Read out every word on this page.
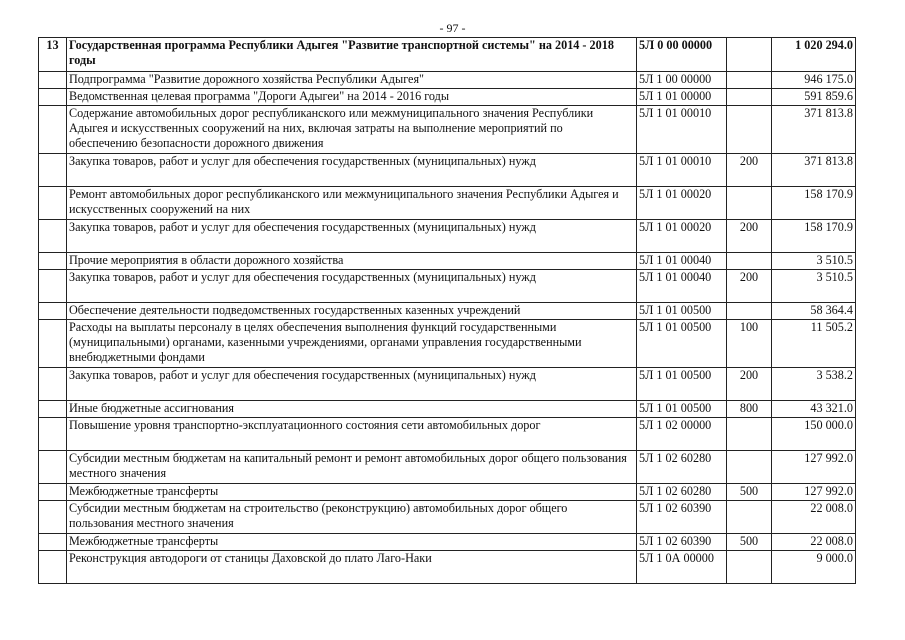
- 97 -
13	Государственная программа Республики Адыгея "Развитие транспортной системы" на 2014 - 2018 годы	5Л 0 00 00000		1 020 294.0
	Подпрограмма "Развитие дорожного хозяйства Республики Адыгея"	5Л 1 00 00000		946 175.0
	Ведомственная целевая программа "Дороги Адыгеи" на 2014 - 2016 годы	5Л 1 01 00000		591 859.6
	Содержание автомобильных дорог республиканского или межмуниципального значения Республики Адыгея и искусственных сооружений на них, включая затраты на выполнение мероприятий по обеспечению безопасности дорожного движения	5Л 1 01 00010		371 813.8
	Закупка товаров, работ и услуг для обеспечения государственных (муниципальных) нужд	5Л 1 01 00010	200	371 813.8
	Ремонт автомобильных дорог республиканского или межмуниципального значения Республики Адыгея и искусственных сооружений на них	5Л 1 01 00020		158 170.9
	Закупка товаров, работ и услуг для обеспечения государственных (муниципальных) нужд	5Л 1 01 00020	200	158 170.9
	Прочие мероприятия в области дорожного хозяйства	5Л 1 01 00040		3 510.5
	Закупка товаров, работ и услуг для обеспечения государственных (муниципальных) нужд	5Л 1 01 00040	200	3 510.5
	Обеспечение деятельности подведомственных государственных казенных учреждений	5Л 1 01 00500		58 364.4
	Расходы на выплаты персоналу в целях обеспечения выполнения функций государственными (муниципальными) органами, казенными учреждениями, органами управления государственными внебюджетными фондами	5Л 1 01 00500	100	11 505.2
	Закупка товаров, работ и услуг для обеспечения государственных (муниципальных) нужд	5Л 1 01 00500	200	3 538.2
	Иные бюджетные ассигнования	5Л 1 01 00500	800	43 321.0
	Повышение уровня транспортно-эксплуатационного состояния сети автомобильных дорог	5Л 1 02 00000		150 000.0
	Субсидии местным бюджетам на капитальный ремонт и ремонт автомобильных дорог общего пользования местного значения	5Л 1 02 60280		127 992.0
	Межбюджетные трансферты	5Л 1 02 60280	500	127 992.0
	Субсидии местным бюджетам на строительство (реконструкцию) автомобильных дорог общего пользования местного значения	5Л 1 02 60390		22 008.0
	Межбюджетные трансферты	5Л 1 02 60390	500	22 008.0
	Реконструкция автодороги от станицы Даховской до плато Лаго-Наки	5Л 1 0А 00000		9 000.0
